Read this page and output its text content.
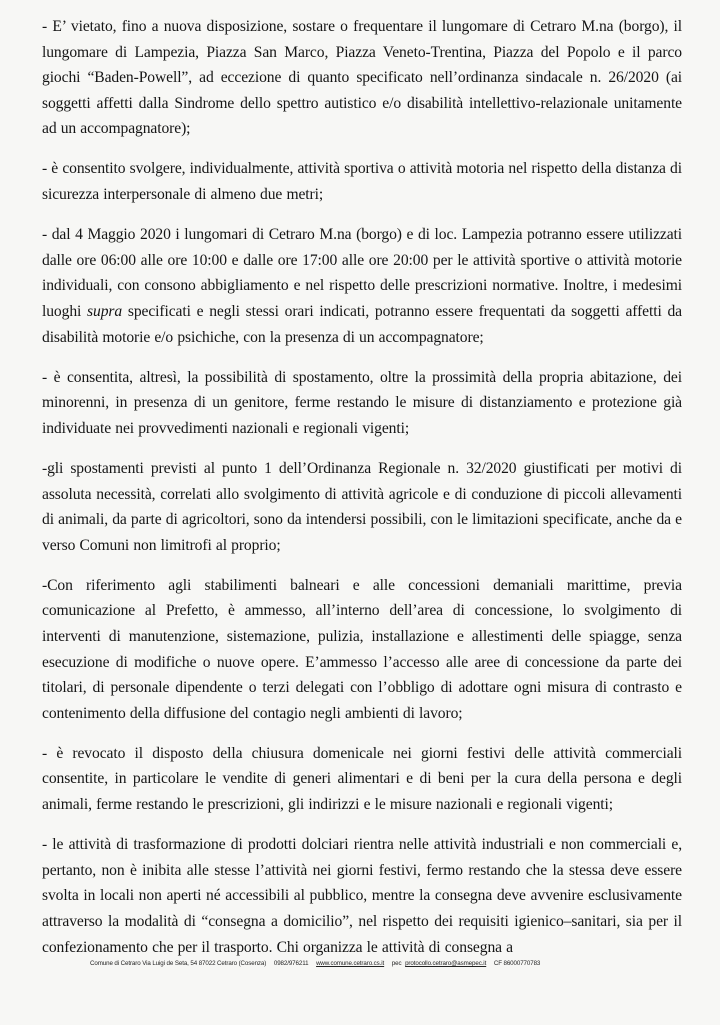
- E’ vietato, fino a nuova disposizione, sostare o frequentare il lungomare di Cetraro M.na (borgo), il lungomare di Lampezia, Piazza San Marco, Piazza Veneto-Trentina, Piazza del Popolo e il parco giochi “Baden-Powell”, ad eccezione di quanto specificato nell’ordinanza sindacale n. 26/2020 (ai soggetti affetti dalla Sindrome dello spettro autistico e/o disabilità intellettivo-relazionale unitamente ad un accompagnatore);

- è consentito svolgere, individualmente, attività sportiva o attività motoria nel rispetto della distanza di sicurezza interpersonale di almeno due metri;

- dal 4 Maggio 2020 i lungomari di Cetraro M.na (borgo) e di loc. Lampezia potranno essere utilizzati dalle ore 06:00 alle ore 10:00 e dalle ore 17:00 alle ore 20:00 per le attività sportive o attività motorie individuali, con consono abbigliamento e nel rispetto delle prescrizioni normative. Inoltre, i medesimi luoghi supra specificati e negli stessi orari indicati, potranno essere frequentati da soggetti affetti da disabilità motorie e/o psichiche, con la presenza di un accompagnatore;

- è consentita, altresì, la possibilità di spostamento, oltre la prossimità della propria abitazione, dei minorenni, in presenza di un genitore, ferme restando le misure di distanziamento e protezione già individuate nei provvedimenti nazionali e regionali vigenti;

-gli spostamenti previsti al punto 1 dell’Ordinanza Regionale n. 32/2020 giustificati per motivi di assoluta necessità, correlati allo svolgimento di attività agricole e di conduzione di piccoli allevamenti di animali, da parte di agricoltori, sono da intendersi possibili, con le limitazioni specificate, anche da e verso Comuni non limitrofi al proprio;

-Con riferimento agli stabilimenti balneari e alle concessioni demaniali marittime, previa comunicazione al Prefetto, è ammesso, all’interno dell’area di concessione, lo svolgimento di interventi di manutenzione, sistemazione, pulizia, installazione e allestimenti delle spiagge, senza esecuzione di modifiche o nuove opere. E’ammesso l’accesso alle aree di concessione da parte dei titolari, di personale dipendente o terzi delegati con l’obbligo di adottare ogni misura di contrasto e contenimento della diffusione del contagio negli ambienti di lavoro;

- è revocato il disposto della chiusura domenicale nei giorni festivi delle attività commerciali consentite, in particolare le vendite di generi alimentari e di beni per la cura della persona e degli animali, ferme restando le prescrizioni, gli indirizzi e le misure nazionali e regionali vigenti;

- le attività di trasformazione di prodotti dolciari rientra nelle attività industriali e non commerciali e, pertanto, non è inibita alle stesse l’attività nei giorni festivi, fermo restando che la stessa deve essere svolta in locali non aperti né accessibili al pubblico, mentre la consegna deve avvenire esclusivamente attraverso la modalità di “consegna a domicilio”, nel rispetto dei requisiti igienico–sanitari, sia per il confezionamento che per il trasporto. Chi organizza le attività di consegna a

Comune di Cetraro Via Luigi de Seta, 54 87022 Cetraro (Cosenza) 0982/976211 www.comune.cetraro.cs.it pec protocollo.cetraro@asmepec.it CF 86000770783
